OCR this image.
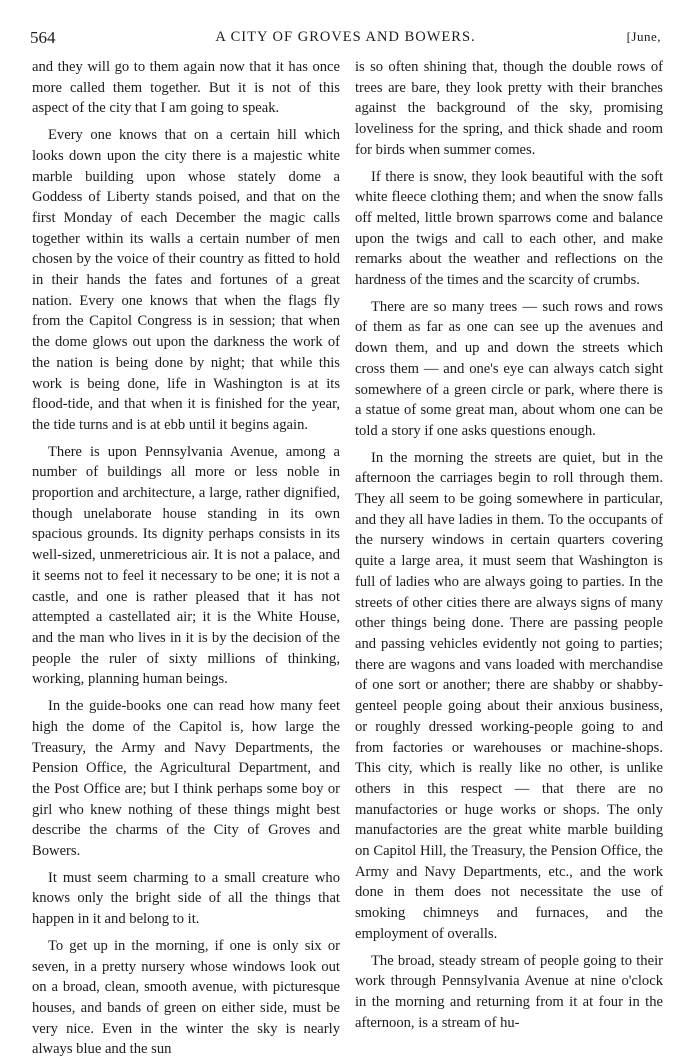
564	A CITY OF GROVES AND BOWERS.	[June,

and they will go to them again now that it has once more called them together. But it is not of this aspect of the city that I am going to speak.

Every one knows that on a certain hill which looks down upon the city there is a majestic white marble building upon whose stately dome a Goddess of Liberty stands poised, and that on the first Monday of each December the magic calls together within its walls a certain number of men chosen by the voice of their country as fitted to hold in their hands the fates and fortunes of a great nation. Every one knows that when the flags fly from the Capitol Congress is in session; that when the dome glows out upon the darkness the work of the nation is being done by night; that while this work is being done, life in Washington is at its flood-tide, and that when it is finished for the year, the tide turns and is at ebb until it begins again.

There is upon Pennsylvania Avenue, among a number of buildings all more or less noble in proportion and architecture, a large, rather dignified, though unelaborate house standing in its own spacious grounds. Its dignity perhaps consists in its well-sized, unmeretricious air. It is not a palace, and it seems not to feel it necessary to be one; it is not a castle, and one is rather pleased that it has not attempted a castellated air; it is the White House, and the man who lives in it is by the decision of the people the ruler of sixty millions of thinking, working, planning human beings.

In the guide-books one can read how many feet high the dome of the Capitol is, how large the Treasury, the Army and Navy Departments, the Pension Office, the Agricultural Department, and the Post Office are; but I think perhaps some boy or girl who knew nothing of these things might best describe the charms of the City of Groves and Bowers.

It must seem charming to a small creature who knows only the bright side of all the things that happen in it and belong to it.

To get up in the morning, if one is only six or seven, in a pretty nursery whose windows look out on a broad, clean, smooth avenue, with picturesque houses, and bands of green on either side, must be very nice. Even in the winter the sky is nearly always blue and the sun

is so often shining that, though the double rows of trees are bare, they look pretty with their branches against the background of the sky, promising loveliness for the spring, and thick shade and room for birds when summer comes.

If there is snow, they look beautiful with the soft white fleece clothing them; and when the snow falls off melted, little brown sparrows come and balance upon the twigs and call to each other, and make remarks about the weather and reflections on the hardness of the times and the scarcity of crumbs.

There are so many trees — such rows and rows of them as far as one can see up the avenues and down them, and up and down the streets which cross them — and one's eye can always catch sight somewhere of a green circle or park, where there is a statue of some great man, about whom one can be told a story if one asks questions enough.

In the morning the streets are quiet, but in the afternoon the carriages begin to roll through them. They all seem to be going somewhere in particular, and they all have ladies in them. To the occupants of the nursery windows in certain quarters covering quite a large area, it must seem that Washington is full of ladies who are always going to parties. In the streets of other cities there are always signs of many other things being done. There are passing people and passing vehicles evidently not going to parties; there are wagons and vans loaded with merchandise of one sort or another; there are shabby or shabby-genteel people going about their anxious business, or roughly dressed working-people going to and from factories or warehouses or machine-shops. This city, which is really like no other, is unlike others in this respect — that there are no manufactories or huge works or shops. The only manufactories are the great white marble building on Capitol Hill, the Treasury, the Pension Office, the Army and Navy Departments, etc., and the work done in them does not necessitate the use of smoking chimneys and furnaces, and the employment of overalls.

The broad, steady stream of people going to their work through Pennsylvania Avenue at nine o'clock in the morning and returning from it at four in the afternoon, is a stream of hu-
